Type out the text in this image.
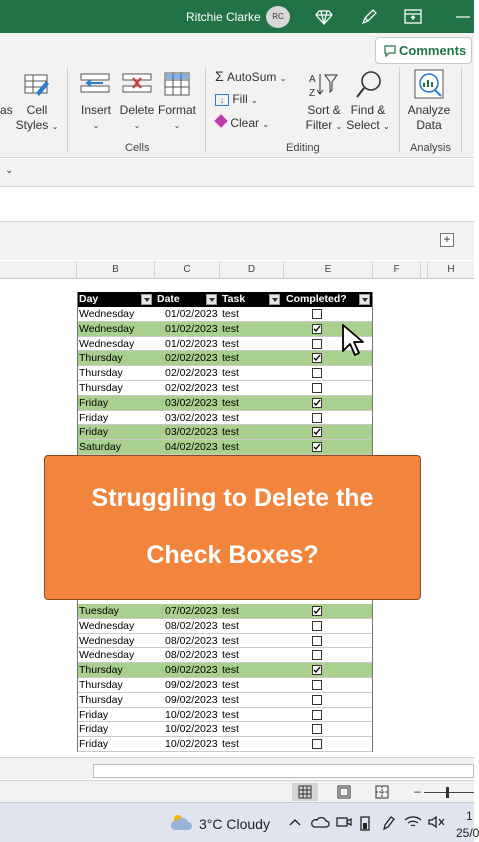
Ritchie Clarke	RC
Comments
as	Cell
Styles ⌄
Insert
⌄
Delete
⌄
Format
⌄
Cells
Σ AutoSum ⌄
↓ Fill ⌄
Clear ⌄
A
Z
Sort &
Filter ⌄
Find &
Select ⌄
Editing
Analyze
Data
Analysis
⌄
+
B	C	D	E	F	H
Day	Date	Task	Completed?
Wednesday	01/02/2023 test
Wednesday	01/02/2023 test
Wednesday	01/02/2023 test
Thursday	02/02/2023 test
Thursday	02/02/2023 test
Thursday	02/02/2023 test
Friday	03/02/2023 test
Friday	03/02/2023 test
Friday	03/02/2023 test
Saturday	04/02/2023 test
Tuesday	07/02/2023 test
Wednesday	08/02/2023 test
Wednesday	08/02/2023 test
Wednesday	08/02/2023 test
Thursday	09/02/2023 test
Thursday	09/02/2023 test
Thursday	09/02/2023 test
Friday	10/02/2023 test
Friday	10/02/2023 test
Friday	10/02/2023 test
Struggling to Delete the
Check Boxes?
–
3°C Cloudy	1
25/0
